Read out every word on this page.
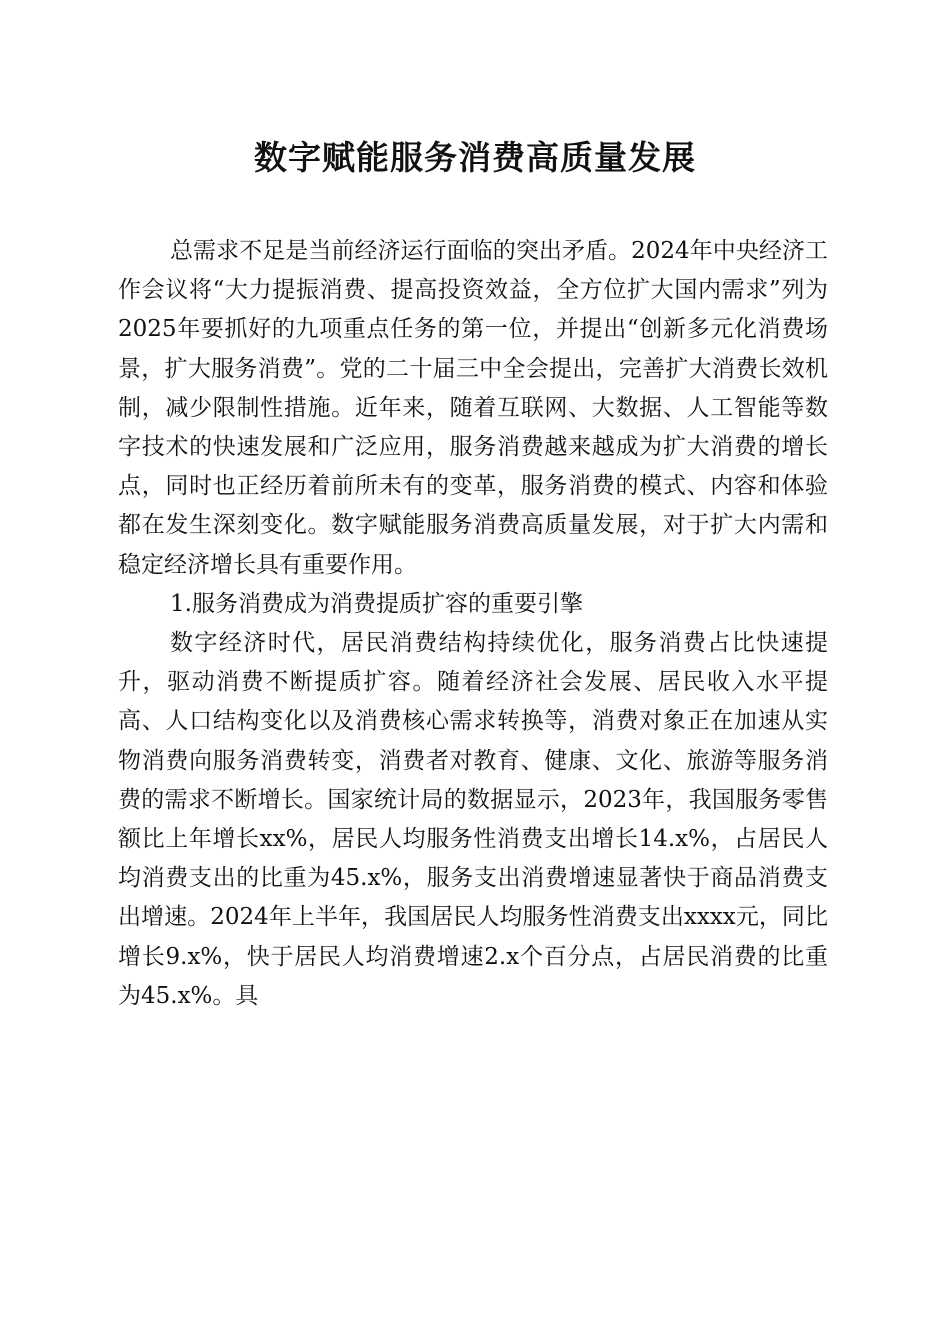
数字赋能服务消费高质量发展

总需求不足是当前经济运行面临的突出矛盾。2024年中央经济工作会议将“大力提振消费、提高投资效益，全方位扩大国内需求”列为2025年要抓好的九项重点任务的第一位，并提出“创新多元化消费场景，扩大服务消费”。党的二十届三中全会提出，完善扩大消费长效机制，减少限制性措施。近年来，随着互联网、大数据、人工智能等数字技术的快速发展和广泛应用，服务消费越来越成为扩大消费的增长点，同时也正经历着前所未有的变革，服务消费的模式、内容和体验都在发生深刻变化。数字赋能服务消费高质量发展，对于扩大内需和稳定经济增长具有重要作用。

1.服务消费成为消费提质扩容的重要引擎

数字经济时代，居民消费结构持续优化，服务消费占比快速提升，驱动消费不断提质扩容。随着经济社会发展、居民收入水平提高、人口结构变化以及消费核心需求转换等，消费对象正在加速从实物消费向服务消费转变，消费者对教育、健康、文化、旅游等服务消费的需求不断增长。国家统计局的数据显示，2023年，我国服务零售额比上年增长xx%，居民人均服务性消费支出增长14.x%，占居民人均消费支出的比重为45.x%，服务支出消费增速显著快于商品消费支出增速。2024年上半年，我国居民人均服务性消费支出xxxx元，同比增长9.x%，快于居民人均消费增速2.x个百分点，占居民消费的比重为45.x%。具
